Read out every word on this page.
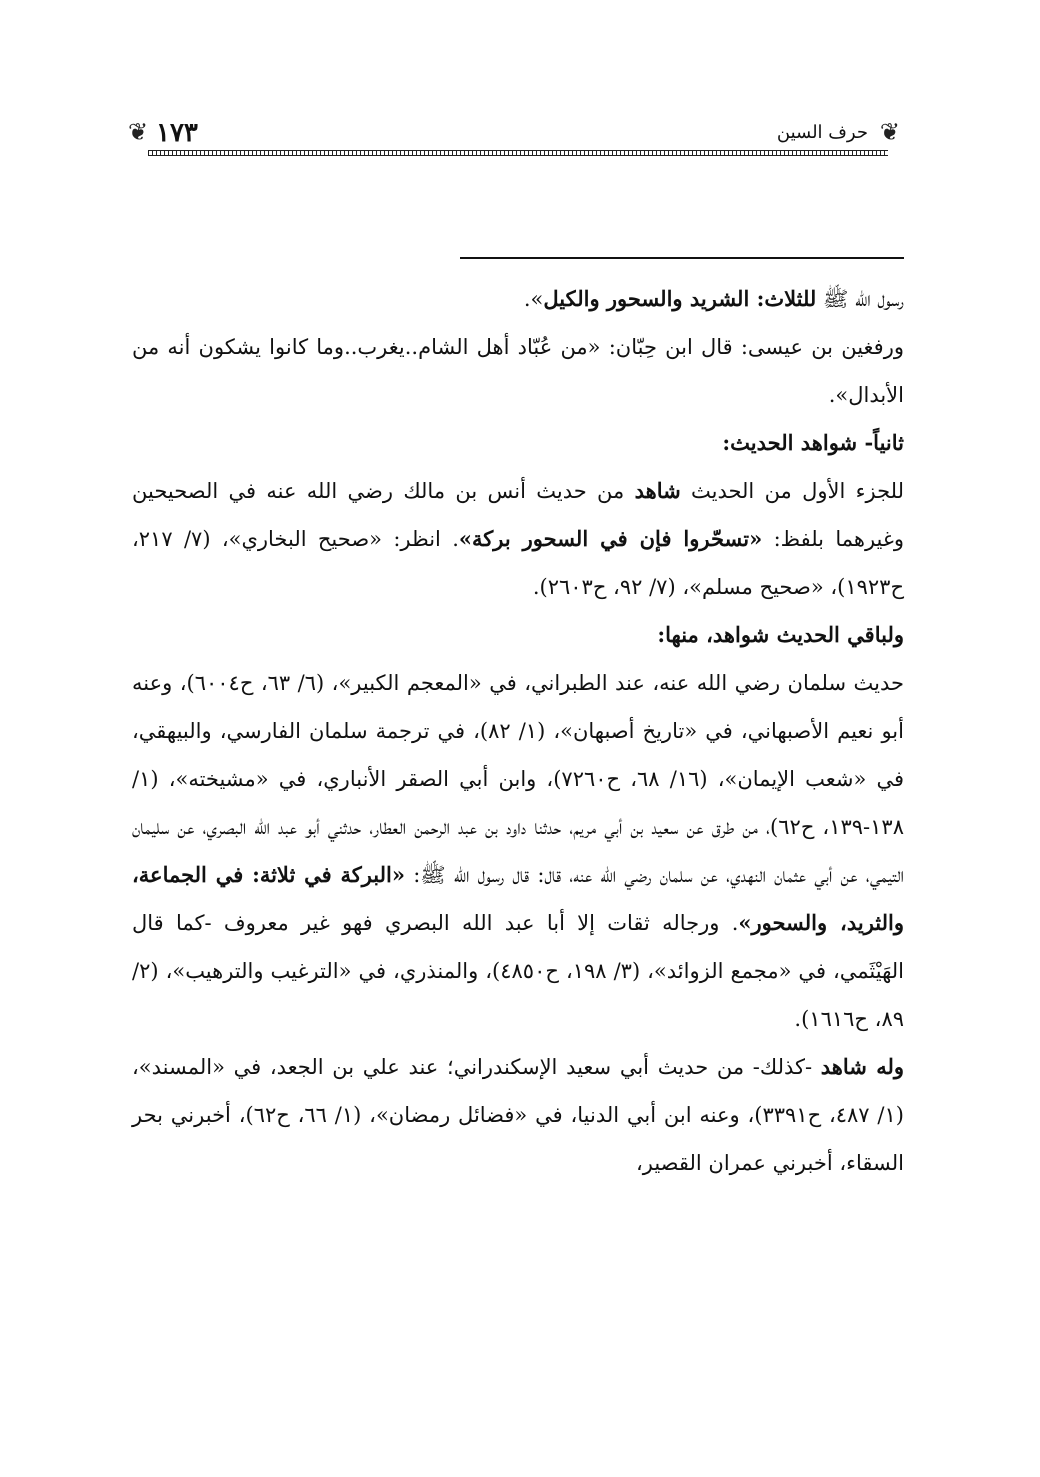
❦
حرف السين
١٧٣
❦

رسول الله ﷺ للثلاث: الشريد والسحور والكيل».

ورفغين بن عيسى: قال ابن حِبّان: «من عُبّاد أهل الشام..يغرب..وما كانوا يشكون أنه من الأبدال».

ثانياً- شواهد الحديث:

للجزء الأول من الحديث شاهد من حديث أنس بن مالك رضي الله عنه في الصحيحين وغيرهما بلفظ: «تسحّروا فإن في السحور بركة». انظر: «صحيح البخاري»، (٧/ ٢١٧، ح١٩٢٣)، «صحيح مسلم»، (٧/ ٩٢، ح٢٦٠٣).

ولباقي الحديث شواهد، منها:

حديث سلمان رضي الله عنه، عند الطبراني، في «المعجم الكبير»، (٦/ ٦٣، ح٦٠٠٤)، وعنه أبو نعيم الأصبهاني، في «تاريخ أصبهان»، (١/ ٨٢)، في ترجمة سلمان الفارسي، والبيهقي، في «شعب الإيمان»، (١٦/ ٦٨، ح٧٢٦٠)، وابن أبي الصقر الأنباري، في «مشيخته»، (١/ ١٣٨-١٣٩، ح٦٢)، من طرق عن سعيد بن أبي مريم، حدثنا داود بن عبد الرحمن العطار، حدثني أبو عبد الله البصري، عن سليمان التيمي، عن أبي عثمان النهدي، عن سلمان رضي الله عنه، قال: قال رسول الله ﷺ: «البركة في ثلاثة: في الجماعة، والثريد، والسحور». ورجاله ثقات إلا أبا عبد الله البصري فهو غير معروف -كما قال الهَيْثَمي، في «مجمع الزوائد»، (٣/ ١٩٨، ح٤٨٥٠)، والمنذري، في «الترغيب والترهيب»، (٢/ ٨٩، ح١٦١٦).

وله شاهد -كذلك- من حديث أبي سعيد الإسكندراني؛ عند علي بن الجعد، في «المسند»، (١/ ٤٨٧، ح٣٣٩١)، وعنه ابن أبي الدنيا، في «فضائل رمضان»، (١/ ٦٦، ح٦٢)، أخبرني بحر السقاء، أخبرني عمران القصير،
